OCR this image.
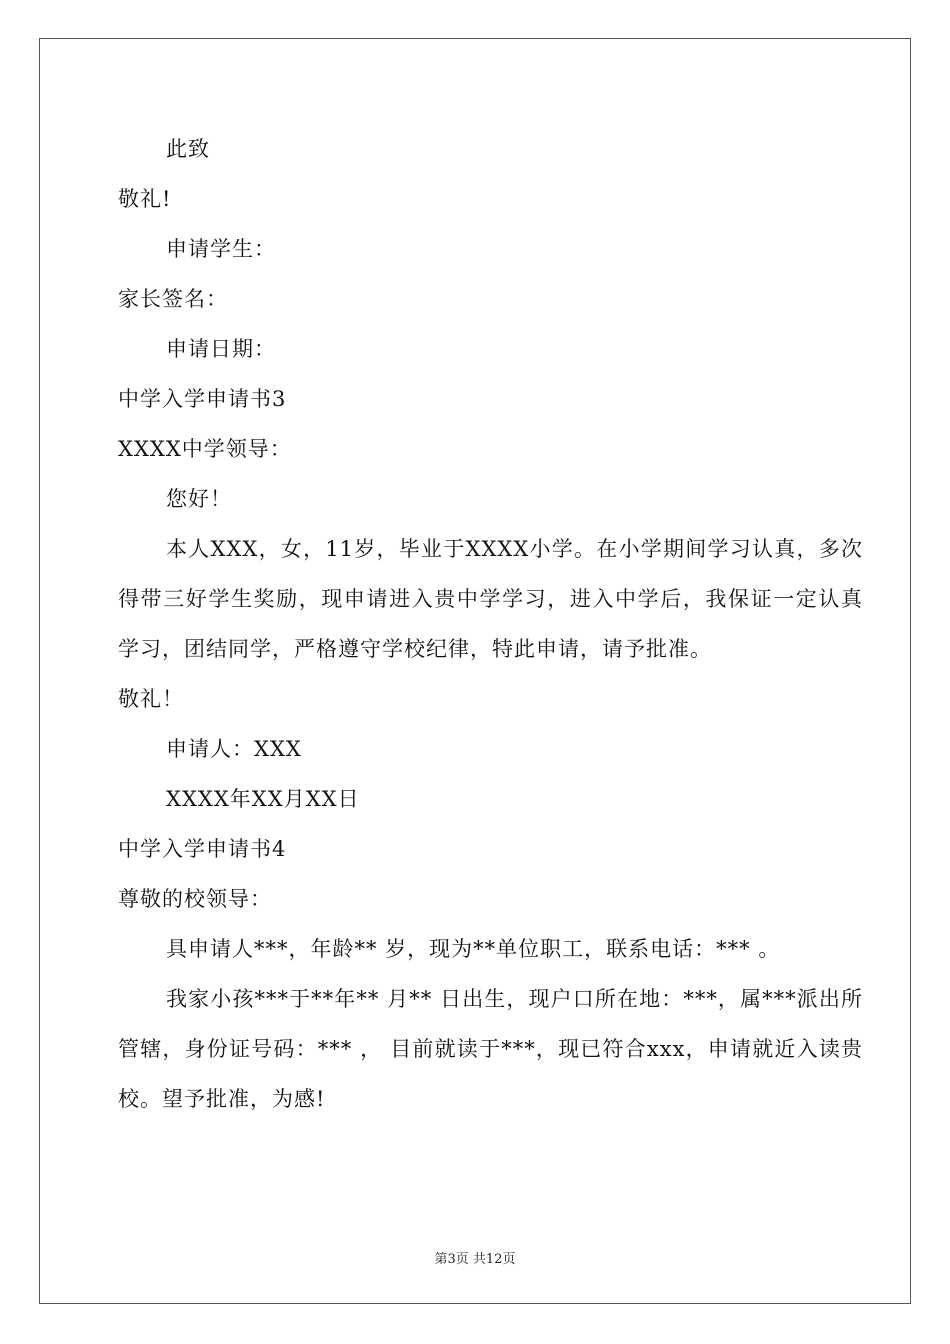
此致
敬礼!
申请学生：
家长签名：
申请日期：
中学入学申请书3
XXXX中学领导：
您好！
本人XXX，女，11岁，毕业于XXXX小学。在小学期间学习认真，多次得带三好学生奖励，现申请进入贵中学学习，进入中学后，我保证一定认真学习，团结同学，严格遵守学校纪律，特此申请，请予批准。
敬礼！
申请人：XXX
XXXX年XX月XX日
中学入学申请书4
尊敬的校领导：
具申请人***，年龄** 岁，现为**单位职工，联系电话：*** 。
我家小孩***于**年** 月** 日出生，现户口所在地：***，属***派出所管辖，身份证号码：*** ， 目前就读于***，现已符合xxx，申请就近入读贵校。望予批准，为感!
第3页 共12页
